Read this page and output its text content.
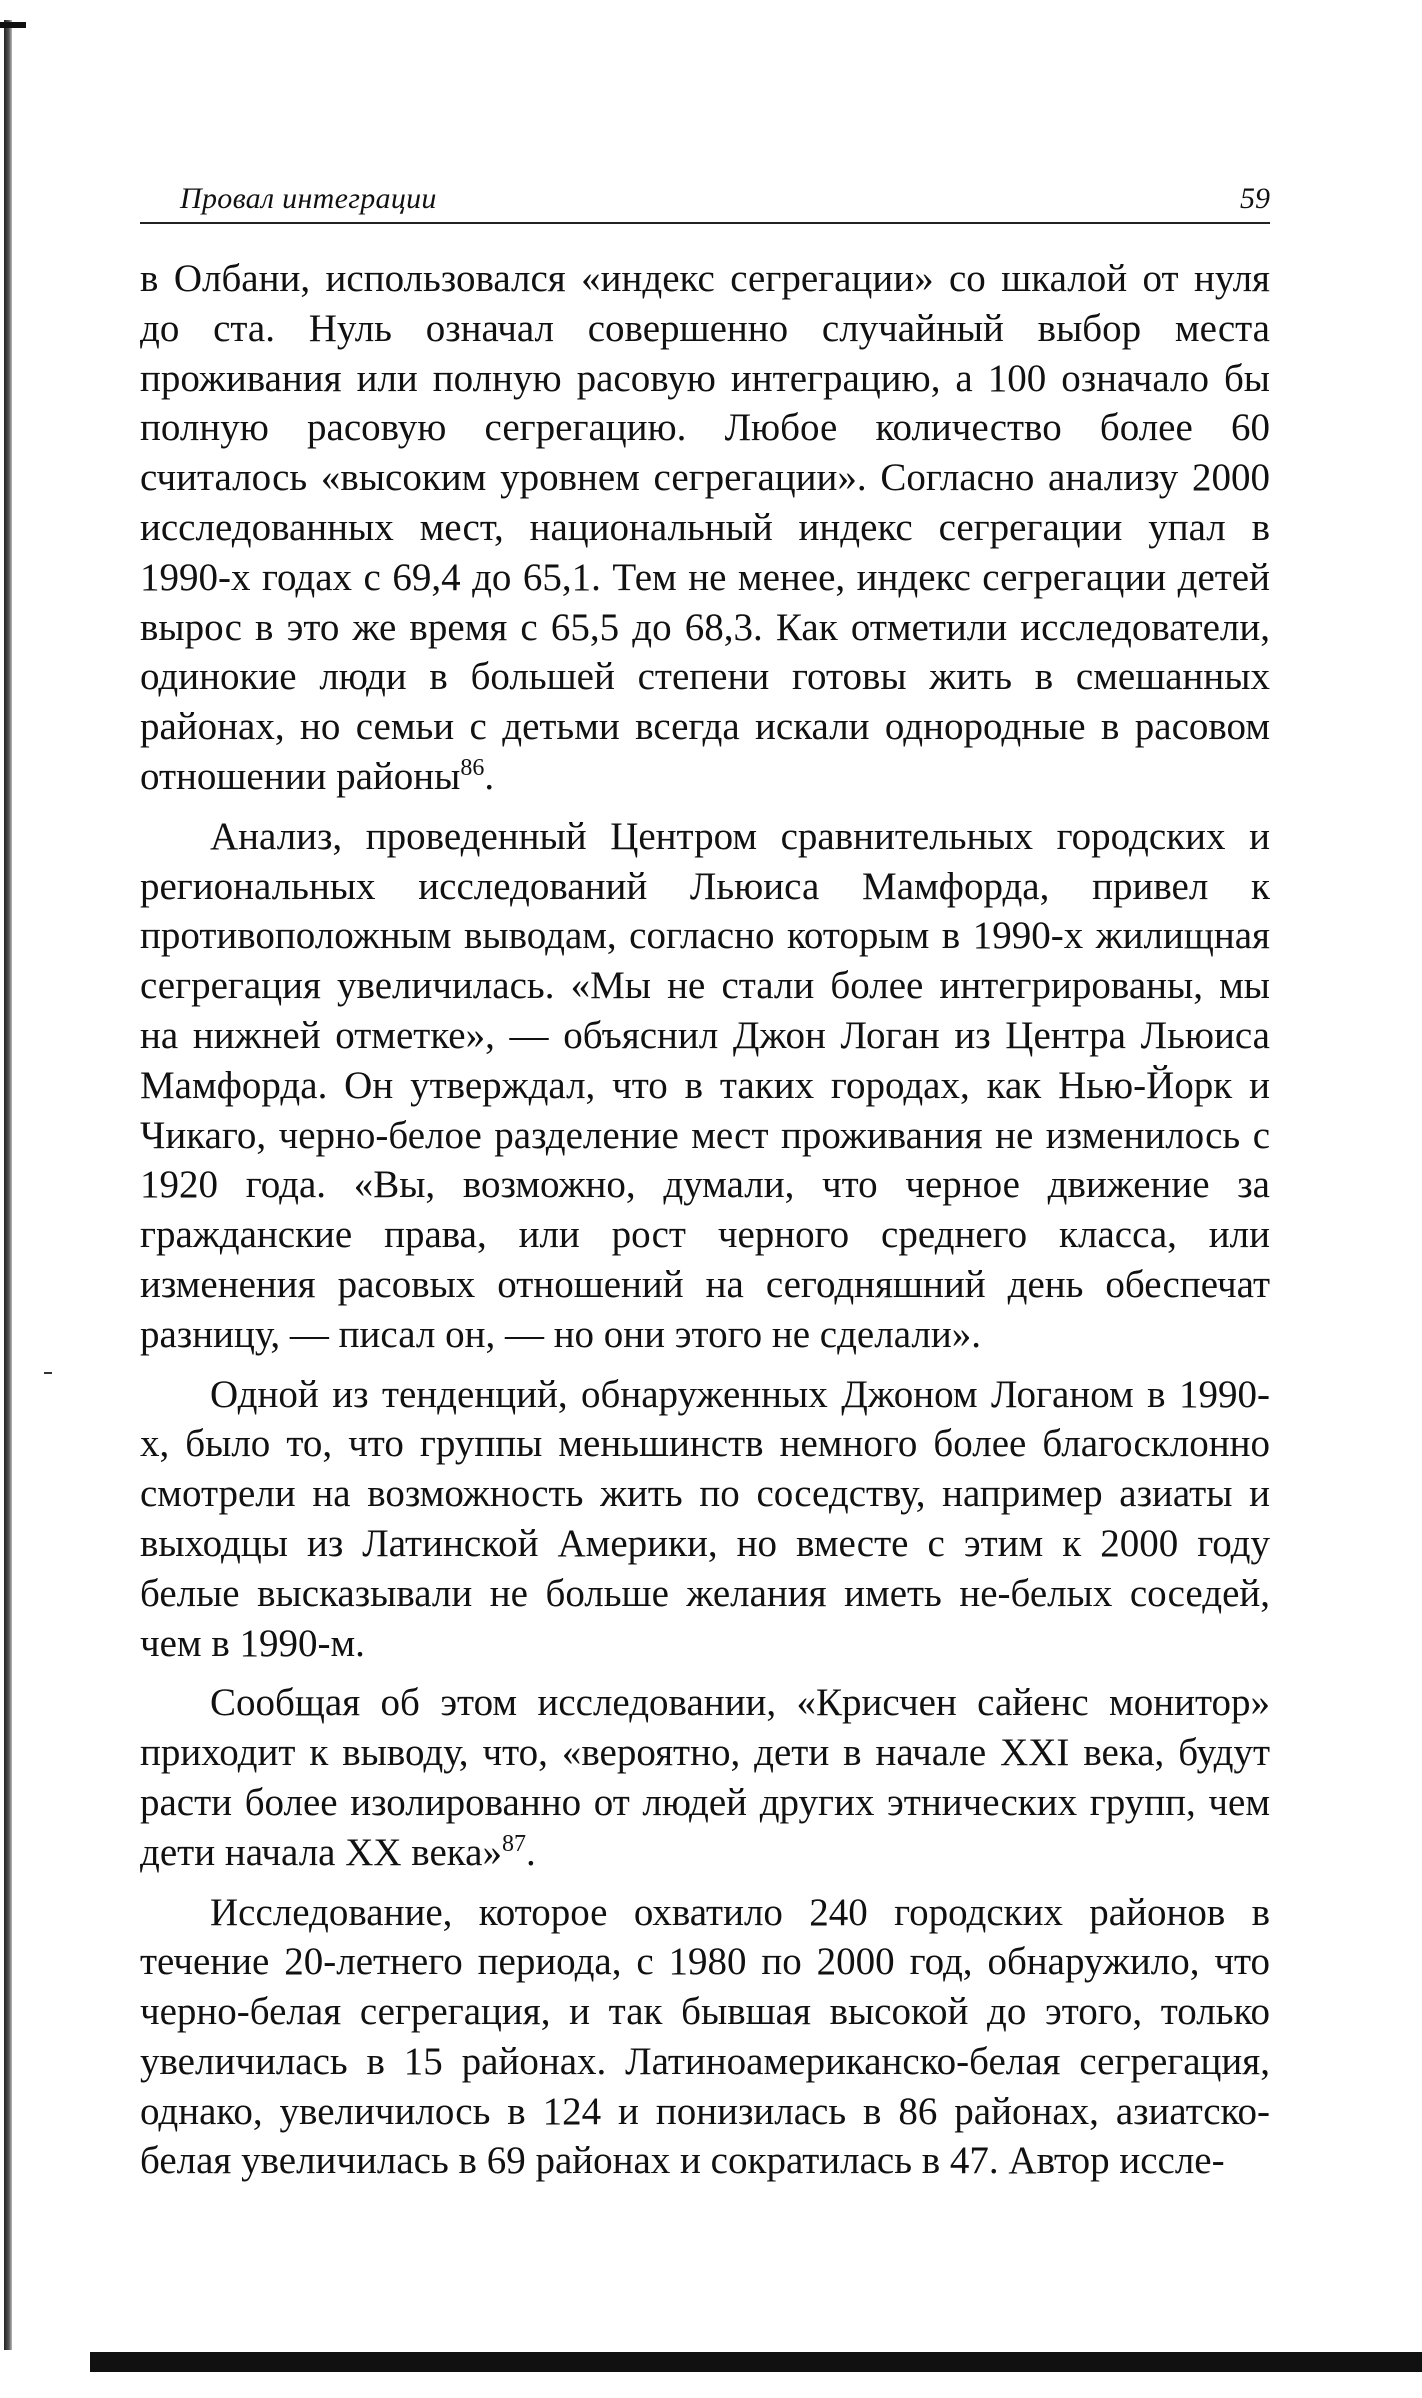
Провал интеграции	59

в Олбани, использовался «индекс сегрегации» со шкалой от нуля до ста. Нуль означал совершенно случайный выбор места проживания или полную расовую интеграцию, а 100 означало бы полную расовую сегрегацию. Любое количество более 60 считалось «высоким уровнем сегрегации». Согласно анализу 2000 исследованных мест, национальный индекс сегрегации упал в 1990-х годах с 69,4 до 65,1. Тем не менее, индекс сегрегации детей вырос в это же время с 65,5 до 68,3. Как отметили исследователи, одинокие люди в большей степени готовы жить в смешанных районах, но семьи с детьми всегда искали однородные в расовом отношении районы$^{86}$.

Анализ, проведенный Центром сравнительных городских и региональных исследований Льюиса Мамфорда, привел к противоположным выводам, согласно которым в 1990-х жилищная сегрегация увеличилась. «Мы не стали более интегрированы, мы на нижней отметке», — объяснил Джон Логан из Центра Льюиса Мамфорда. Он утверждал, что в таких городах, как Нью-Йорк и Чикаго, черно-белое разделение мест проживания не изменилось с 1920 года. «Вы, возможно, думали, что черное движение за гражданские права, или рост черного среднего класса, или изменения расовых отношений на сегодняшний день обеспечат разницу, — писал он, — но они этого не сделали».

Одной из тенденций, обнаруженных Джоном Логаном в 1990-х, было то, что группы меньшинств немного более благосклонно смотрели на возможность жить по соседству, например азиаты и выходцы из Латинской Америки, но вместе с этим к 2000 году белые высказывали не больше желания иметь не-белых соседей, чем в 1990-м.

Сообщая об этом исследовании, «Крисчен сайенс монитор» приходит к выводу, что, «вероятно, дети в начале XXI века, будут расти более изолированно от людей других этнических групп, чем дети начала XX века»$^{87}$.

Исследование, которое охватило 240 городских районов в течение 20-летнего периода, с 1980 по 2000 год, обнаружило, что черно-белая сегрегация, и так бывшая высокой до этого, только увеличилась в 15 районах. Латиноамериканско-белая сегрегация, однако, увеличилось в 124 и понизилась в 86 районах, азиатско-белая увеличилась в 69 районах и сократилась в 47. Автор иссле-
